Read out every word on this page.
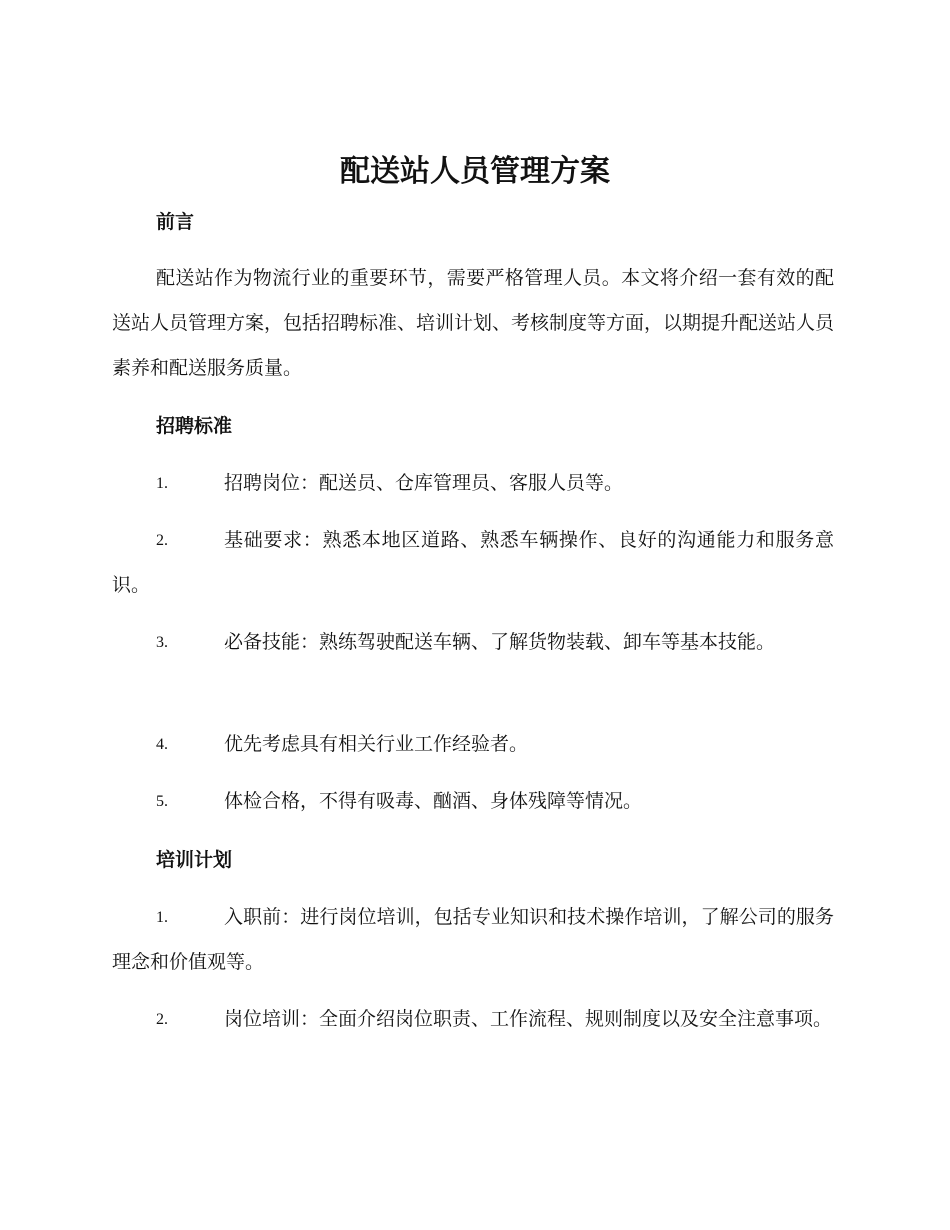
配送站人员管理方案
前言

配送站作为物流行业的重要环节，需要严格管理人员。本文将介绍一套有效的配送站人员管理方案，包括招聘标准、培训计划、考核制度等方面，以期提升配送站人员素养和配送服务质量。

招聘标准
1.	招聘岗位：配送员、仓库管理员、客服人员等。
2.	基础要求：熟悉本地区道路、熟悉车辆操作、良好的沟通能力和服务意识。
3.	必备技能：熟练驾驶配送车辆、了解货物装载、卸车等基本技能。
4.	优先考虑具有相关行业工作经验者。
5.	体检合格，不得有吸毒、酗酒、身体残障等情况。
培训计划
1.	入职前：进行岗位培训，包括专业知识和技术操作培训，了解公司的服务理念和价值观等。
2.	岗位培训：全面介绍岗位职责、工作流程、规则制度以及安全注意事项。
